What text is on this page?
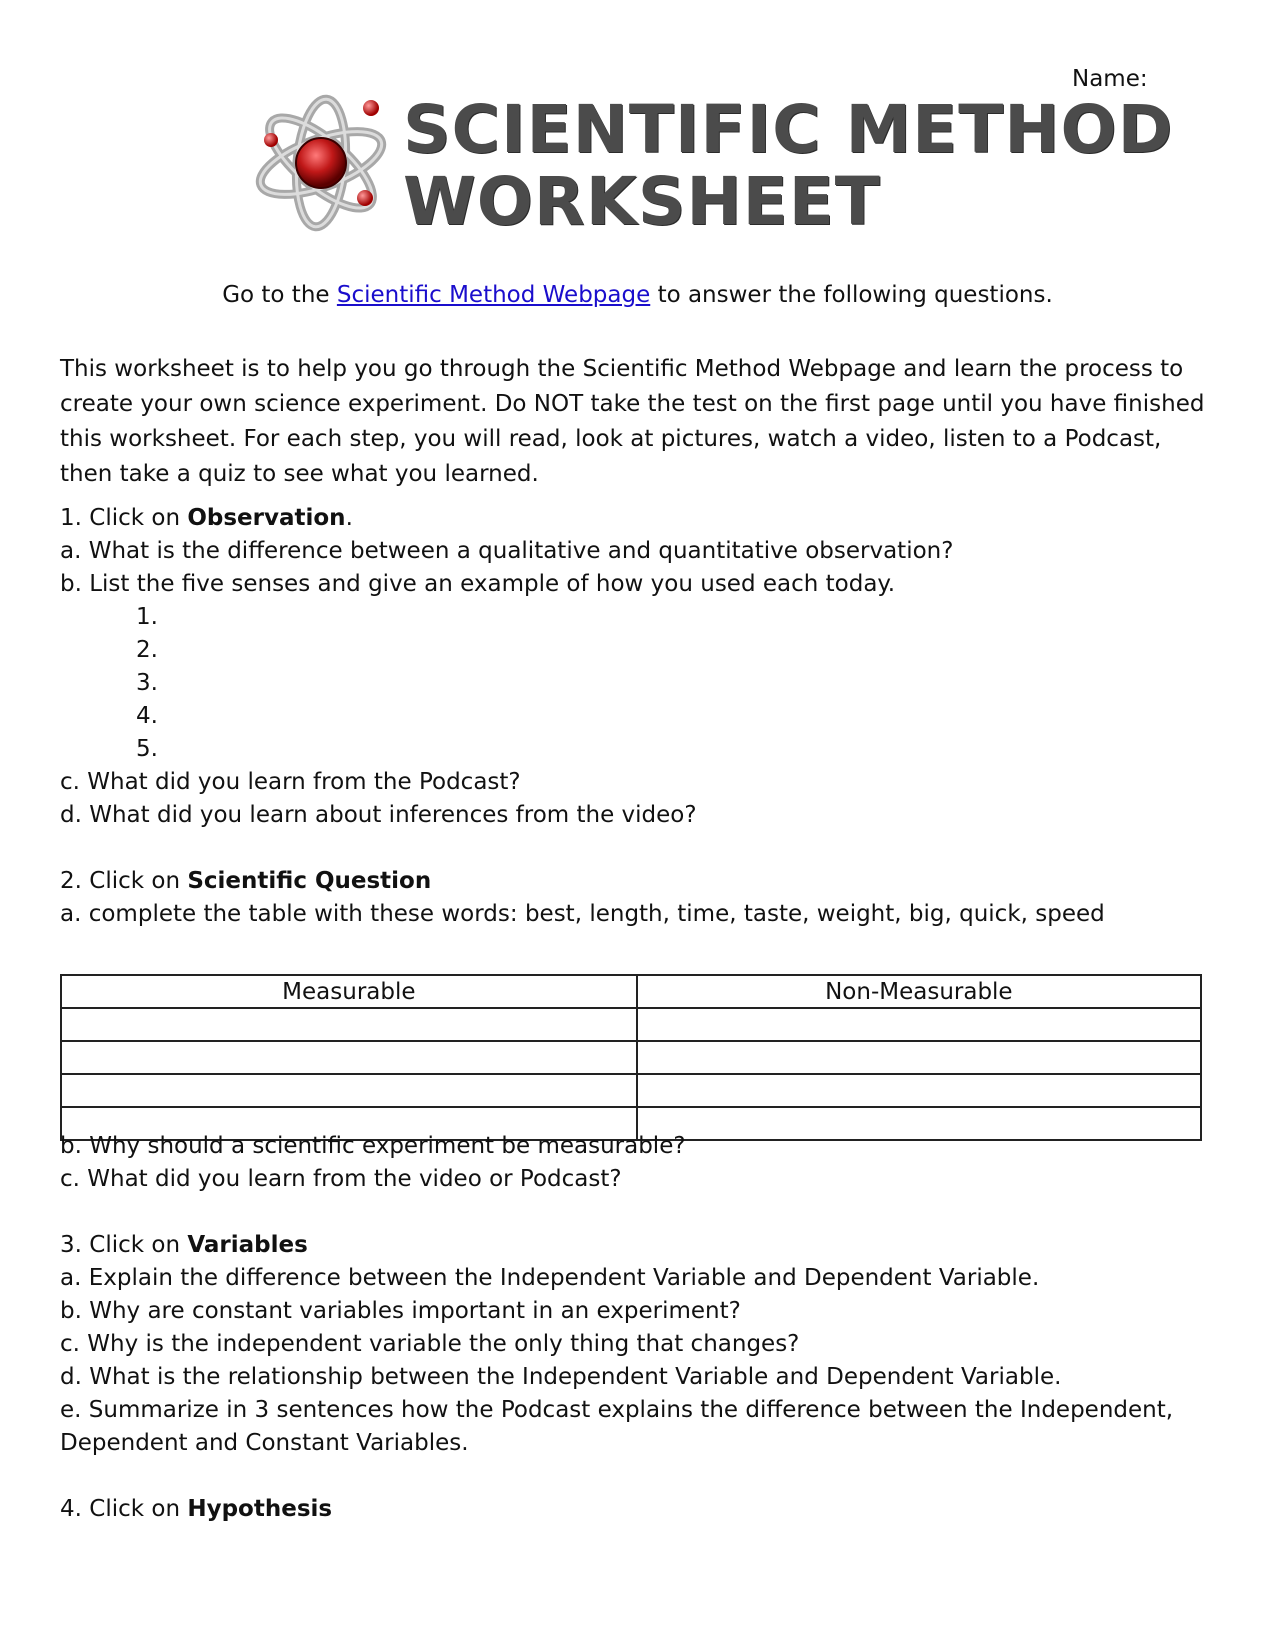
Name:
SCIENTIFIC METHOD
WORKSHEET
Go to the Scientific Method Webpage to answer the following questions.
This worksheet is to help you go through the Scientific Method Webpage and learn the process to create your own science experiment. Do NOT take the test on the first page until you have finished this worksheet. For each step, you will read, look at pictures, watch a video, listen to a Podcast, then take a quiz to see what you learned.
1. Click on Observation.
a. What is the difference between a qualitative and quantitative observation?
b. List the five senses and give an example of how you used each today.
1.
2.
3.
4.
5.
c. What did you learn from the Podcast?
d. What did you learn about inferences from the video?
2. Click on Scientific Question
a. complete the table with these words: best, length, time, taste, weight, big, quick, speed
Measurable	Non-Measurable

b. Why should a scientific experiment be measurable?
c. What did you learn from the video or Podcast?
3. Click on Variables
a. Explain the difference between the Independent Variable and Dependent Variable.
b. Why are constant variables important in an experiment?
c. Why is the independent variable the only thing that changes?
d. What is the relationship between the Independent Variable and Dependent Variable.
e. Summarize in 3 sentences how the Podcast explains the difference between the Independent,
Dependent and Constant Variables.
4. Click on Hypothesis
